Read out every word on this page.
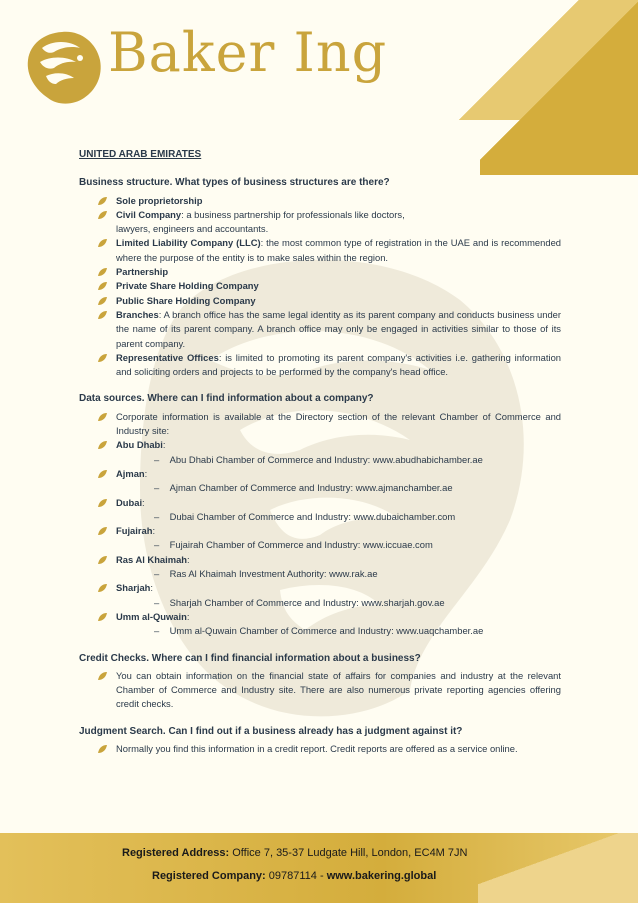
Baker Ing
UNITED ARAB EMIRATES
Business structure. What types of business structures are there?
Sole proprietorship
Civil Company: a business partnership for professionals like doctors,
lawyers, engineers and accountants.
Limited Liability Company (LLC): the most common type of registration in the UAE and is recommended where the purpose of the entity is to make sales within the region.
Partnership
Private Share Holding Company
Public Share Holding Company
Branches: A branch office has the same legal identity as its parent company and conducts business under the name of its parent company. A branch office may only be engaged in activities similar to those of its parent company.
Representative Offices: is limited to promoting its parent company's activities i.e. gathering information and soliciting orders and projects to be performed by the company's head office.
Data sources. Where can I find information about a company?
Corporate information is available at the Directory section of the relevant Chamber of Commerce and Industry site:
Abu Dhabi:
–    Abu Dhabi Chamber of Commerce and Industry: www.abudhabichamber.ae
Ajman:
–    Ajman Chamber of Commerce and Industry: www.ajmanchamber.ae
Dubai:
–    Dubai Chamber of Commerce and Industry: www.dubaichamber.com
Fujairah:
–    Fujairah Chamber of Commerce and Industry: www.iccuae.com
Ras Al Khaimah:
–    Ras Al Khaimah Investment Authority: www.rak.ae
Sharjah:
–    Sharjah Chamber of Commerce and Industry: www.sharjah.gov.ae
Umm al-Quwain:
–    Umm al-Quwain Chamber of Commerce and Industry: www.uaqchamber.ae
Credit Checks. Where can I find financial information about a business?
You can obtain information on the financial state of affairs for companies and industry at the relevant Chamber of Commerce and Industry site. There are also numerous private reporting agencies offering credit checks.
Judgment Search. Can I find out if a business already has a judgment against it?
Normally you find this information in a credit report. Credit reports are offered as a service online.
Registered Address: Office 7, 35-37 Ludgate Hill, London, EC4M 7JN
Registered Company: 09787114 - www.bakering.global
